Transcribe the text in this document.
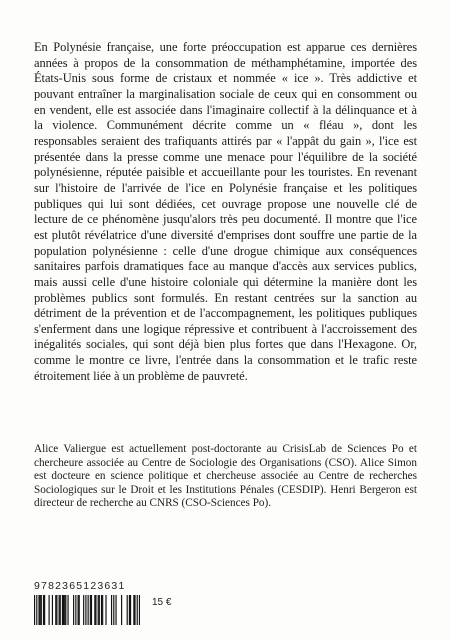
En Polynésie française, une forte préoccupation est apparue ces dernières années à propos de la consommation de méthamphétamine, importée des États-Unis sous forme de cristaux et nommée « ice ». Très addictive et pouvant entraîner la marginalisation sociale de ceux qui en consomment ou en vendent, elle est associée dans l'imaginaire collectif à la délinquance et à la violence. Communément décrite comme un « fléau », dont les responsables seraient des trafiquants attirés par « l'appât du gain », l'ice est présentée dans la presse comme une menace pour l'équilibre de la société polynésienne, réputée paisible et accueillante pour les touristes. En revenant sur l'histoire de l'arrivée de l'ice en Polynésie française et les politiques publiques qui lui sont dédiées, cet ouvrage propose une nouvelle clé de lecture de ce phénomène jusqu'alors très peu documenté. Il montre que l'ice est plutôt révélatrice d'une diversité d'emprises dont souffre une partie de la population polynésienne : celle d'une drogue chimique aux conséquences sanitaires parfois dramatiques face au manque d'accès aux services publics, mais aussi celle d'une histoire coloniale qui détermine la manière dont les problèmes publics sont formulés. En restant centrées sur la sanction au détriment de la prévention et de l'accompagnement, les politiques publiques s'enferment dans une logique répressive et contribuent à l'accroissement des inégalités sociales, qui sont déjà bien plus fortes que dans l'Hexagone. Or, comme le montre ce livre, l'entrée dans la consommation et le trafic reste étroitement liée à un problème de pauvreté.

Alice Valiergue est actuellement post-doctorante au CrisisLab de Sciences Po et chercheure associée au Centre de Sociologie des Organisations (CSO). Alice Simon est docteure en science politique et chercheuse associée au Centre de recherches Sociologiques sur le Droit et les Institutions Pénales (CESDIP). Henri Bergeron est directeur de recherche au CNRS (CSO-Sciences Po).

9782365123631
15 €
